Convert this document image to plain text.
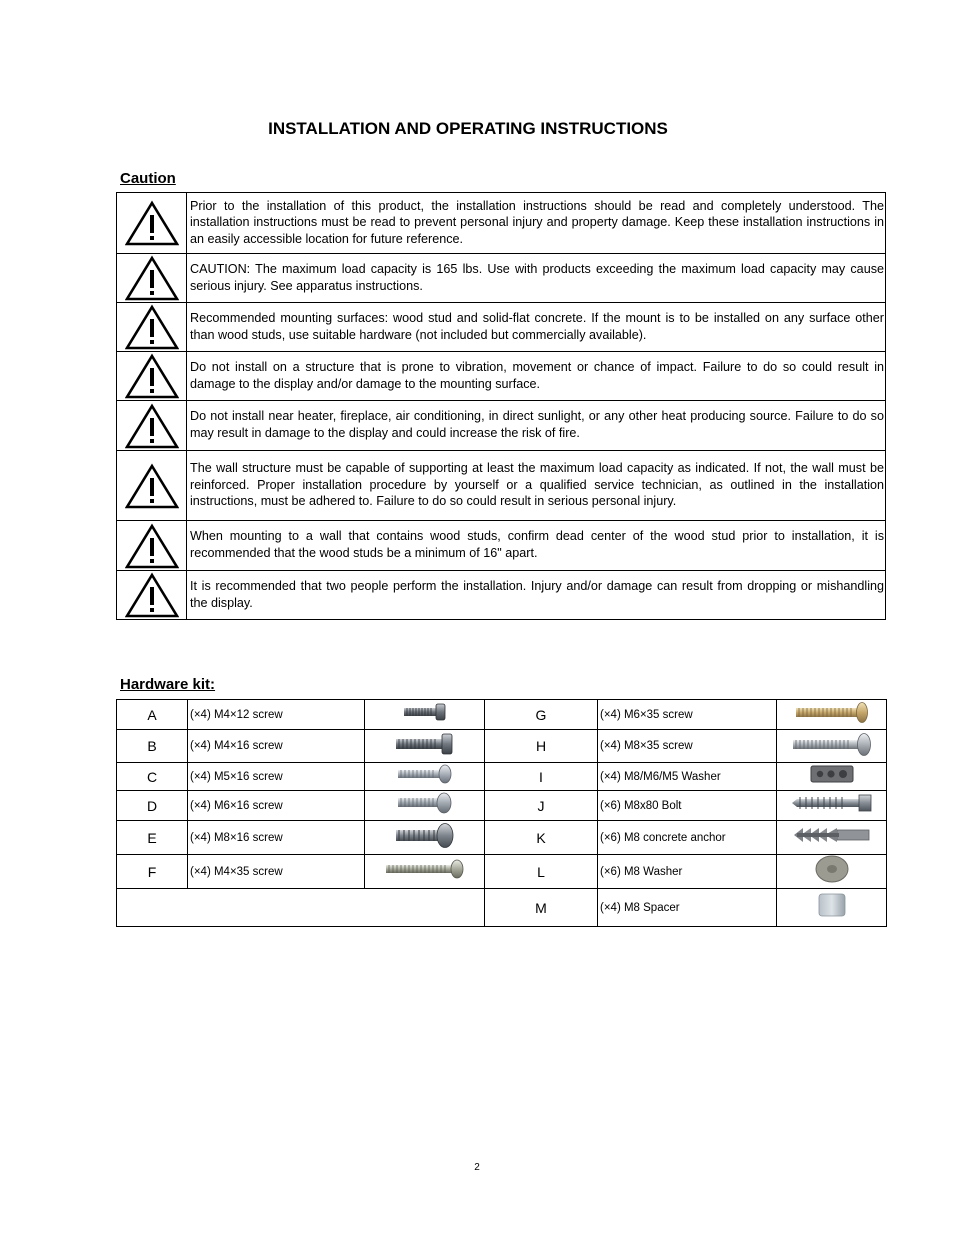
INSTALLATION AND OPERATING INSTRUCTIONS
Caution
	Prior to the installation of this product, the installation instructions should be read and completely understood. The installation instructions must be read to prevent personal injury and property damage. Keep these installation instructions in an easily accessible location for future reference.

	CAUTION: The maximum load capacity is 165 lbs. Use with products exceeding the maximum load capacity may cause serious injury. See apparatus instructions.

	Recommended mounting surfaces: wood stud and solid-flat concrete. If the mount is to be installed on any surface other than wood studs, use suitable hardware (not included but commercially available).

	Do not install on a structure that is prone to vibration, movement or chance of impact. Failure to do so could result in damage to the display and/or damage to the mounting surface.

	Do not install near heater, fireplace, air conditioning, in direct sunlight, or any other heat producing source. Failure to do so may result in damage to the display and could increase the risk of fire.

	The wall structure must be capable of supporting at least the maximum load capacity as indicated. If not, the wall must be reinforced. Proper installation procedure by yourself or a qualified service technician, as outlined in the installation instructions, must be adhered to. Failure to do so could result in serious personal injury.

	When mounting to a wall that contains wood studs, confirm dead center of the wood stud prior to installation, it is recommended that the wood studs be a minimum of 16" apart.

	It is recommended that two people perform the installation. Injury and/or damage can result from dropping or mishandling the display.
Hardware kit:
A	(×4) M4×12 screw		G	(×4) M6×35 screw	
B	(×4) M4×16 screw		H	(×4) M8×35 screw	
C	(×4) M5×16 screw		I	(×4) M8/M6/M5 Washer	
D	(×4) M6×16 screw		J	(×6) M8x80 Bolt	
E	(×4) M8×16 screw		K	(×6) M8 concrete anchor	
F	(×4) M4×35 screw		L	(×6) M8 Washer	
			M	(×4) M8 Spacer	
2
